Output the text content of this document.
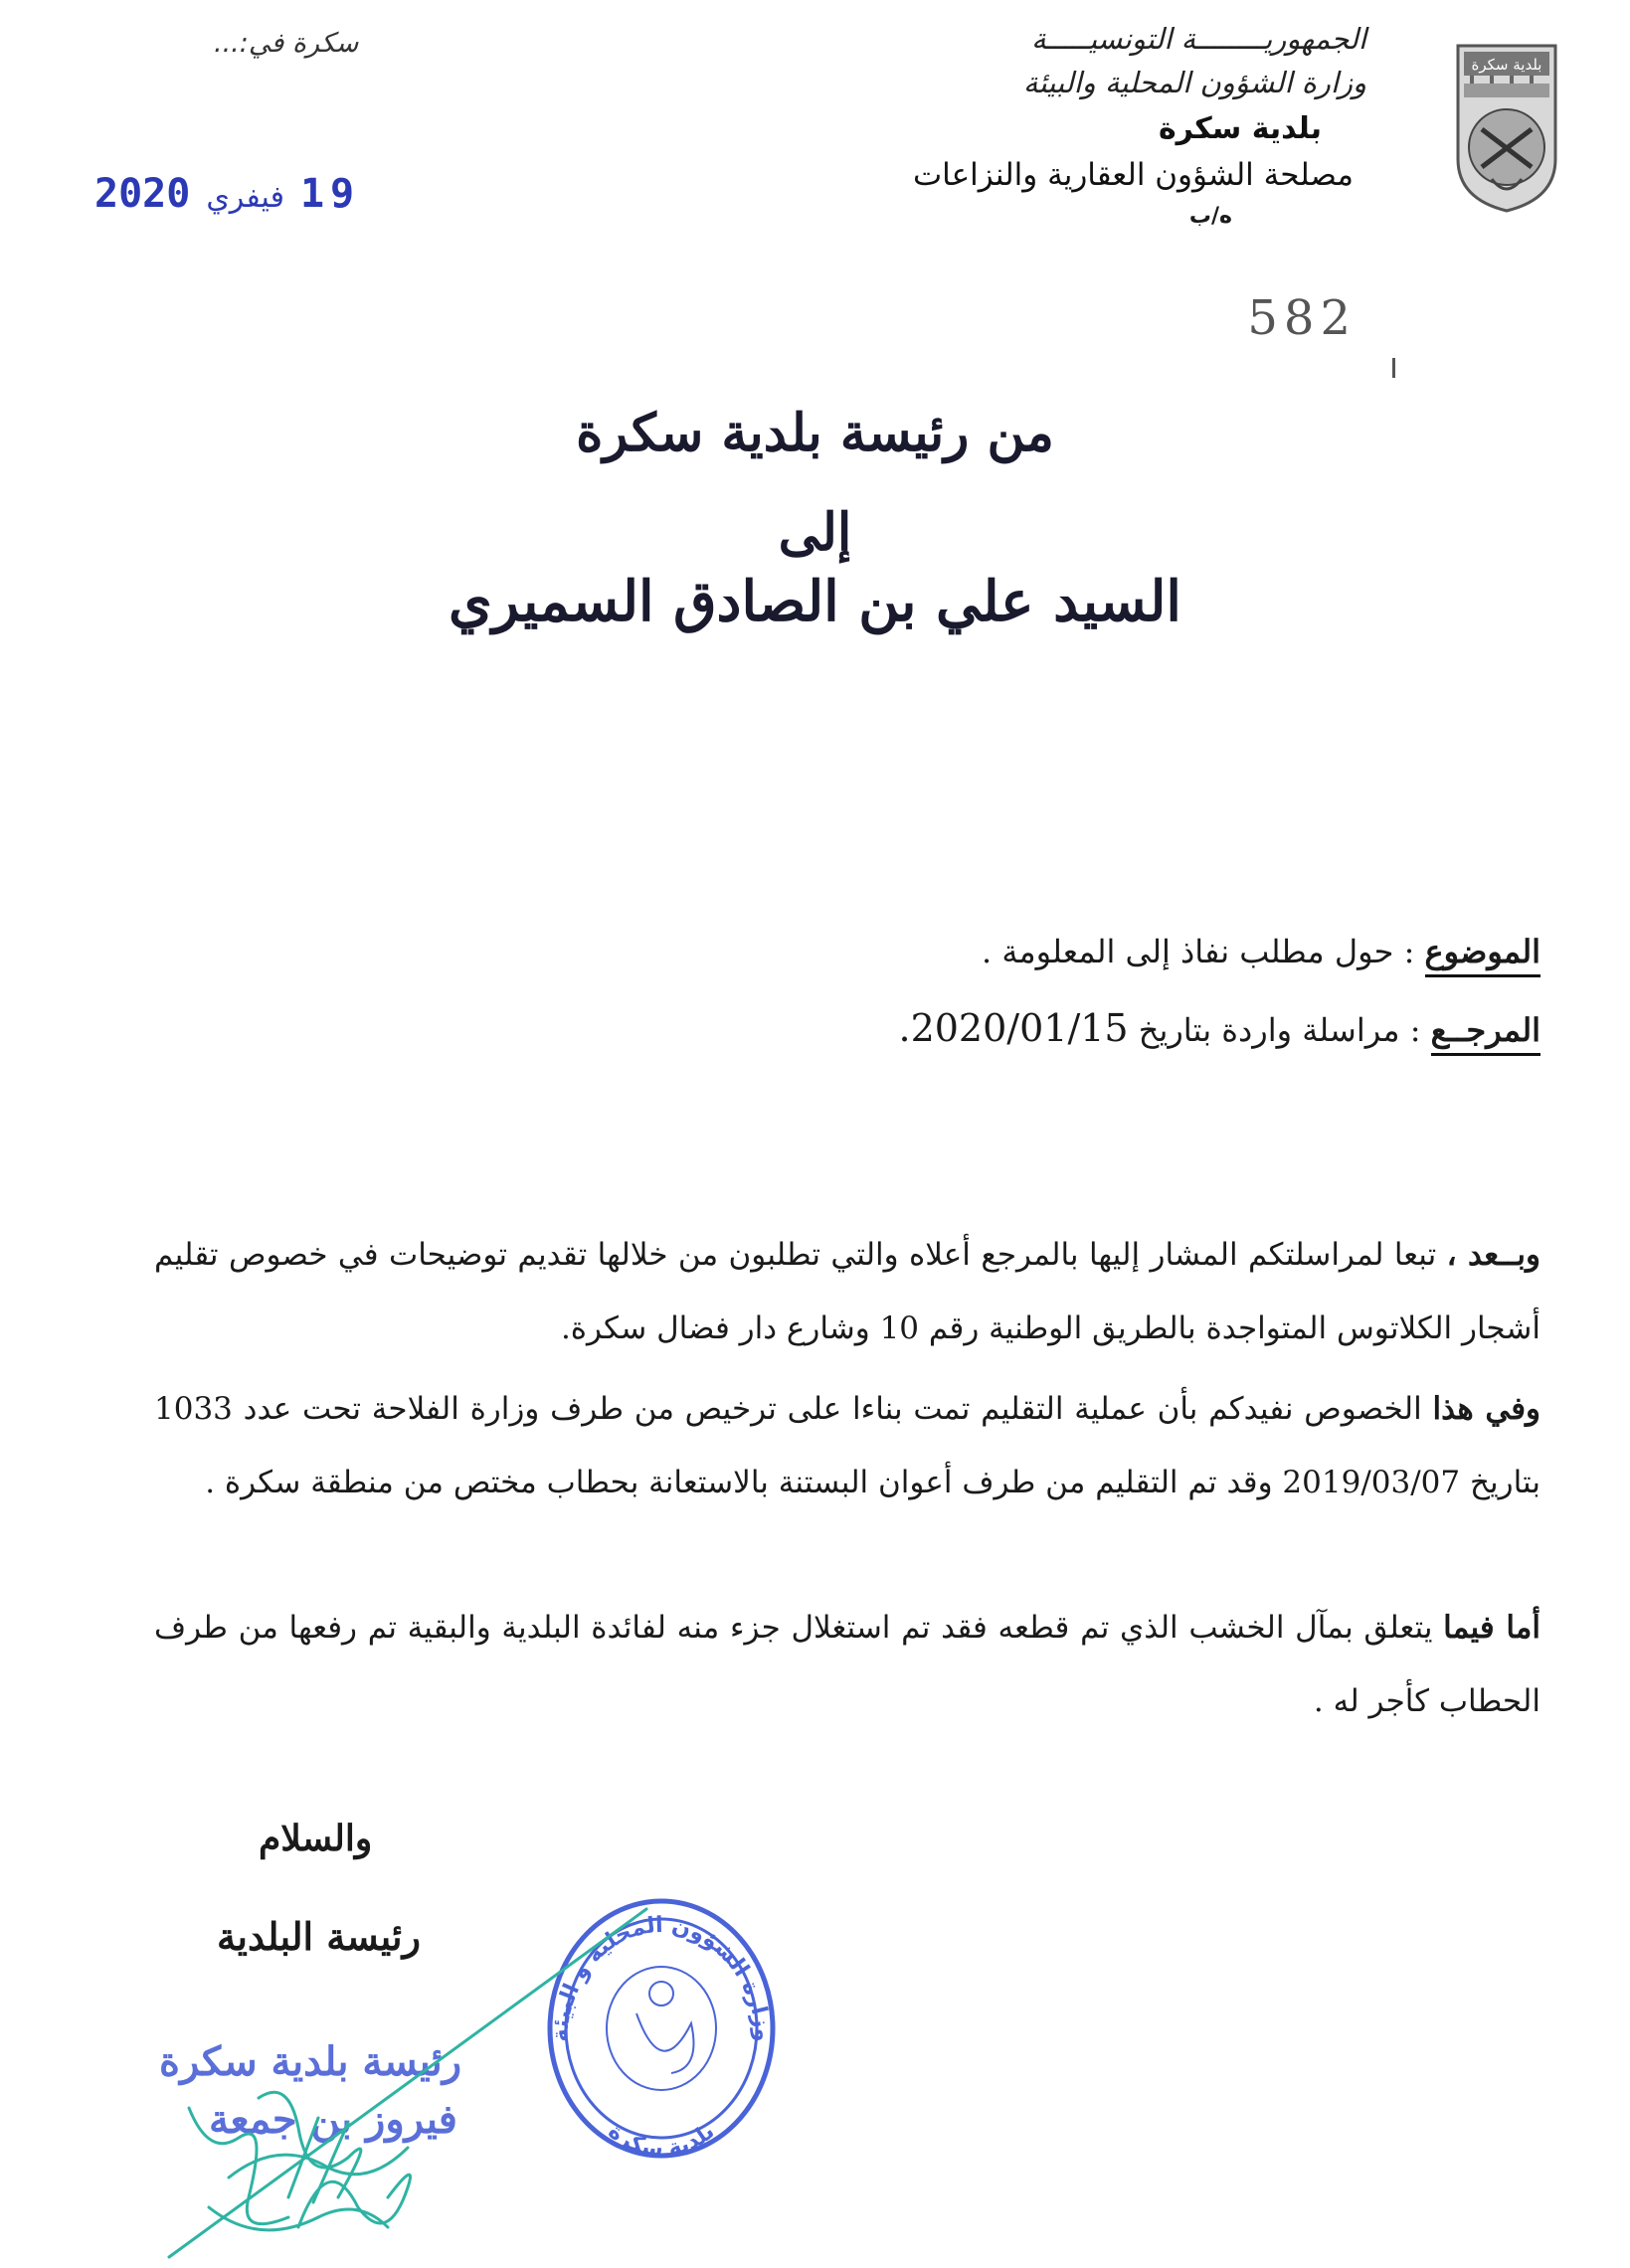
بلدية سكرة
الجمهوريــــــــة التونسيـــــة
وزارة الشؤون المحلية والبيئة
بلدية سكرة
مصلحة الشؤون العقارية والنزاعات
ه/ب
سكرة في:...
2020 فيفري 19
582
من رئيسة بلدية سكرة
إلى
السيد علي بن الصادق السميري
الموضوع : حول مطلب نفاذ إلى المعلومة .
المرجــع : مراسلة واردة بتاريخ 2020/01/15.
وبــعد ، تبعا لمراسلتكم المشار إليها بالمرجع أعلاه والتي تطلبون من خلالها تقديم توضيحات في خصوص تقليم أشجار الكلاتوس المتواجدة بالطريق الوطنية رقم 10 وشارع دار فضال سكرة.
وفي هذا الخصوص نفيدكم بأن عملية التقليم تمت بناءا على ترخيص من طرف وزارة الفلاحة تحت عدد 1033 بتاريخ 2019/03/07 وقد تم التقليم من طرف أعوان البستنة بالاستعانة بحطاب مختص من منطقة سكرة .
أما فيما يتعلق بمآل الخشب الذي تم قطعه فقد تم استغلال جزء منه لفائدة البلدية والبقية تم رفعها من طرف الحطاب كأجر له .
والسلام
رئيسة البلدية
رئيسة بلدية سكرة
فيروز بن جمعة
وزارة الشؤون المحلية و البيئة
بلدية سكرة
